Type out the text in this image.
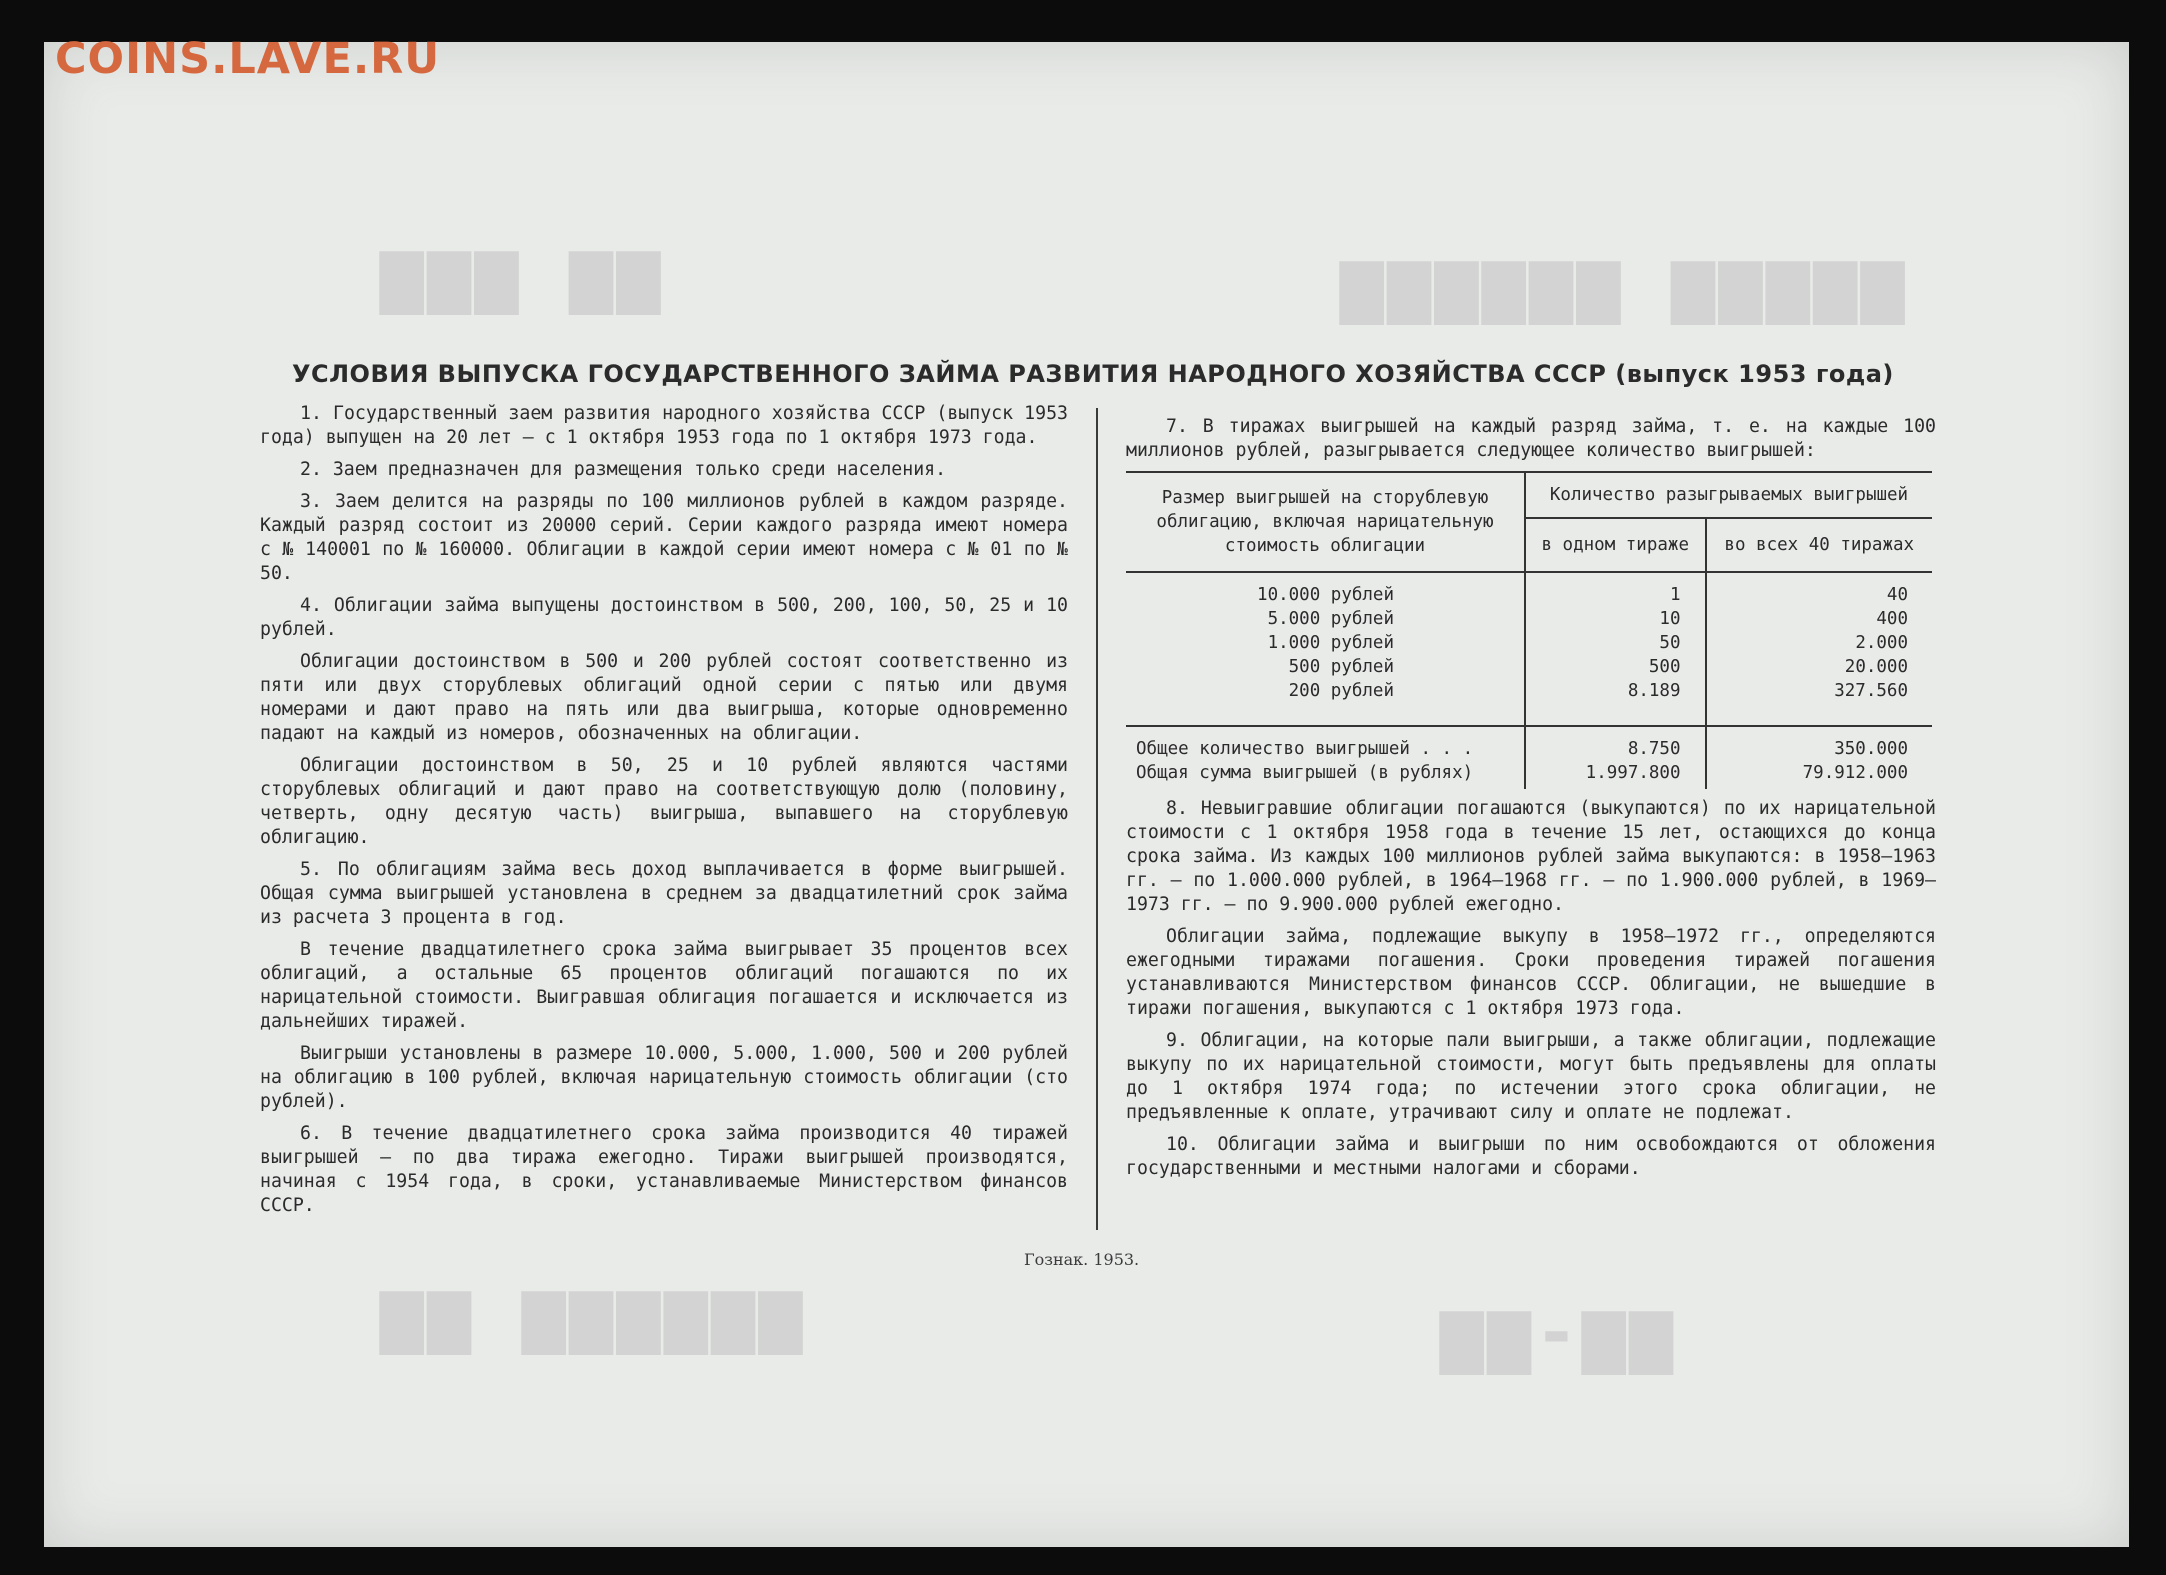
COINS.LAVE.RU
▆▆▆ ▆▆	▆▆▆▆▆▆ ▆▆▆▆▆
▆▆ ▆▆▆▆▆▆	▆▆-▆▆
УСЛОВИЯ ВЫПУСКА ГОСУДАРСТВЕННОГО ЗАЙМА РАЗВИТИЯ НАРОДНОГО ХОЗЯЙСТВА СССР (выпуск 1953 года)

1. Государственный заем развития народного хозяйства СССР (выпуск 1953 года) выпущен на 20 лет — с 1 октября 1953 года по 1 октября 1973 года.

2. Заем предназначен для размещения только среди населения.

3. Заем делится на разряды по 100 миллионов рублей в каждом разряде. Каждый разряд состоит из 20000 серий. Серии каждого разряда имеют номера с № 140001 по № 160000. Облигации в каждой серии имеют номера с № 01 по № 50.

4. Облигации займа выпущены достоинством в 500, 200, 100, 50, 25 и 10 рублей.

Облигации достоинством в 500 и 200 рублей состоят соответственно из пяти или двух сторублевых облигаций одной серии с пятью или двумя номерами и дают право на пять или два выигрыша, которые одновременно падают на каждый из номеров, обозначенных на облигации.

Облигации достоинством в 50, 25 и 10 рублей являются частями сторублевых облигаций и дают право на соответствующую долю (половину, четверть, одну десятую часть) выигрыша, выпавшего на сторублевую облигацию.

5. По облигациям займа весь доход выплачивается в форме выигрышей. Общая сумма выигрышей установлена в среднем за двадцатилетний срок займа из расчета 3 процента в год.

В течение двадцатилетнего срока займа выигрывает 35 процентов всех облигаций, а остальные 65 процентов облигаций погашаются по их нарицательной стоимости. Выигравшая облигация погашается и исключается из дальнейших тиражей.

Выигрыши установлены в размере 10.000, 5.000, 1.000, 500 и 200 рублей на облигацию в 100 рублей, включая нарицательную стоимость облигации (сто рублей).

6. В течение двадцатилетнего срока займа производится 40 тиражей выигрышей — по два тиража ежегодно. Тиражи выигрышей производятся, начиная с 1954 года, в сроки, устанавливаемые Министерством финансов СССР.

7. В тиражах выигрышей на каждый разряд займа, т. е. на каждые 100 миллионов рублей, разыгрывается следующее количество выигрышей:

Размер выигрышей на сторублевую облигацию, включая нарицательную стоимость облигации	Количество разыгрываемых выигрышей	
	в одном тираже	во всех 40 тиражах
10.000 рублей	1	40
5.000 рублей	10	400
1.000 рублей	50	2.000
500 рублей	500	20.000
200 рублей	8.189	327.560
Общее количество выигрышей . . .	8.750	350.000
Общая сумма выигрышей (в рублях)	1.997.800	79.912.000

8. Невыигравшие облигации погашаются (выкупаются) по их нарицательной стоимости с 1 октября 1958 года в течение 15 лет, остающихся до конца срока займа. Из каждых 100 миллионов рублей займа выкупаются: в 1958—1963 гг. — по 1.000.000 рублей, в 1964—1968 гг. — по 1.900.000 рублей, в 1969—1973 гг. — по 9.900.000 рублей ежегодно.

Облигации займа, подлежащие выкупу в 1958—1972 гг., определяются ежегодными тиражами погашения. Сроки проведения тиражей погашения устанавливаются Министерством финансов СССР. Облигации, не вышедшие в тиражи погашения, выкупаются с 1 октября 1973 года.

9. Облигации, на которые пали выигрыши, а также облигации, подлежащие выкупу по их нарицательной стоимости, могут быть предъявлены для оплаты до 1 октября 1974 года; по истечении этого срока облигации, не предъявленные к оплате, утрачивают силу и оплате не подлежат.

10. Облигации займа и выигрыши по ним освобождаются от обложения государственными и местными налогами и сборами.

Гознак. 1953.
